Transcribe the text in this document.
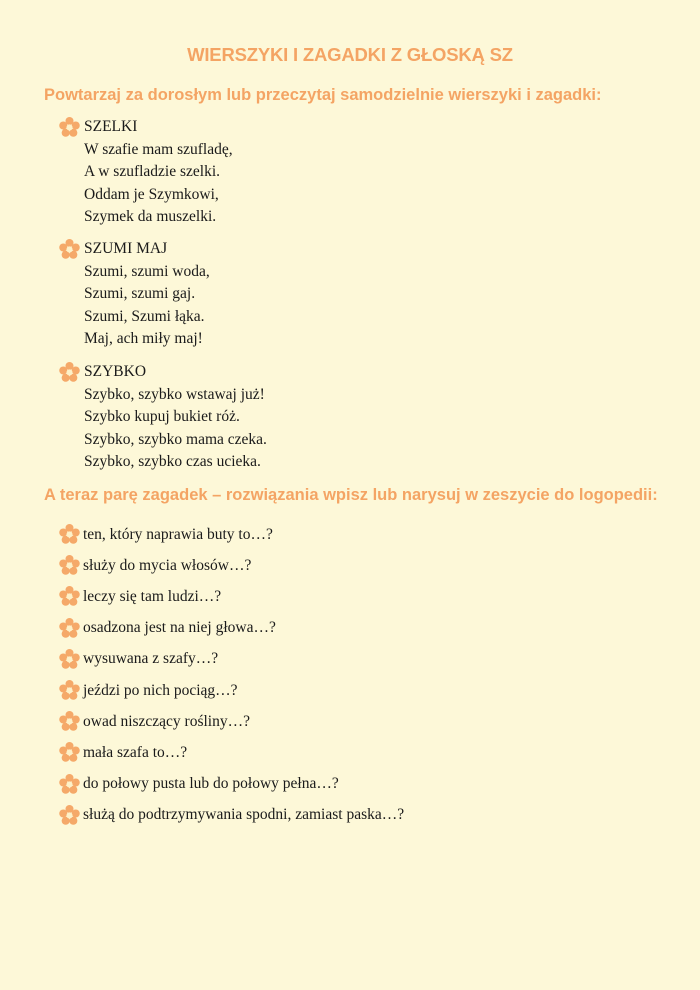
WIERSZYKI I ZAGADKI Z GŁOSKĄ SZ

Powtarzaj za dorosłym lub przeczytaj samodzielnie wierszyki i zagadki:

SZELKI
W szafie mam szufladę,
A w szufladzie szelki.
Oddam je Szymkowi,
Szymek da muszelki.
SZUMI MAJ
Szumi, szumi woda,
Szumi, szumi gaj.
Szumi, Szumi łąka.
Maj, ach miły maj!
SZYBKO
Szybko, szybko wstawaj już!
Szybko kupuj bukiet róż.
Szybko, szybko mama czeka.
Szybko, szybko czas ucieka.

A teraz parę zagadek – rozwiązania wpisz lub narysuj w zeszycie do logopedii:

ten, który naprawia buty to…?
służy do mycia włosów…?
leczy się tam ludzi…?
osadzona jest na niej głowa…?
wysuwana z szafy…?
jeździ po nich pociąg…?
owad niszczący rośliny…?
mała szafa to…?
do połowy pusta lub do połowy pełna…?
służą do podtrzymywania spodni, zamiast paska…?
